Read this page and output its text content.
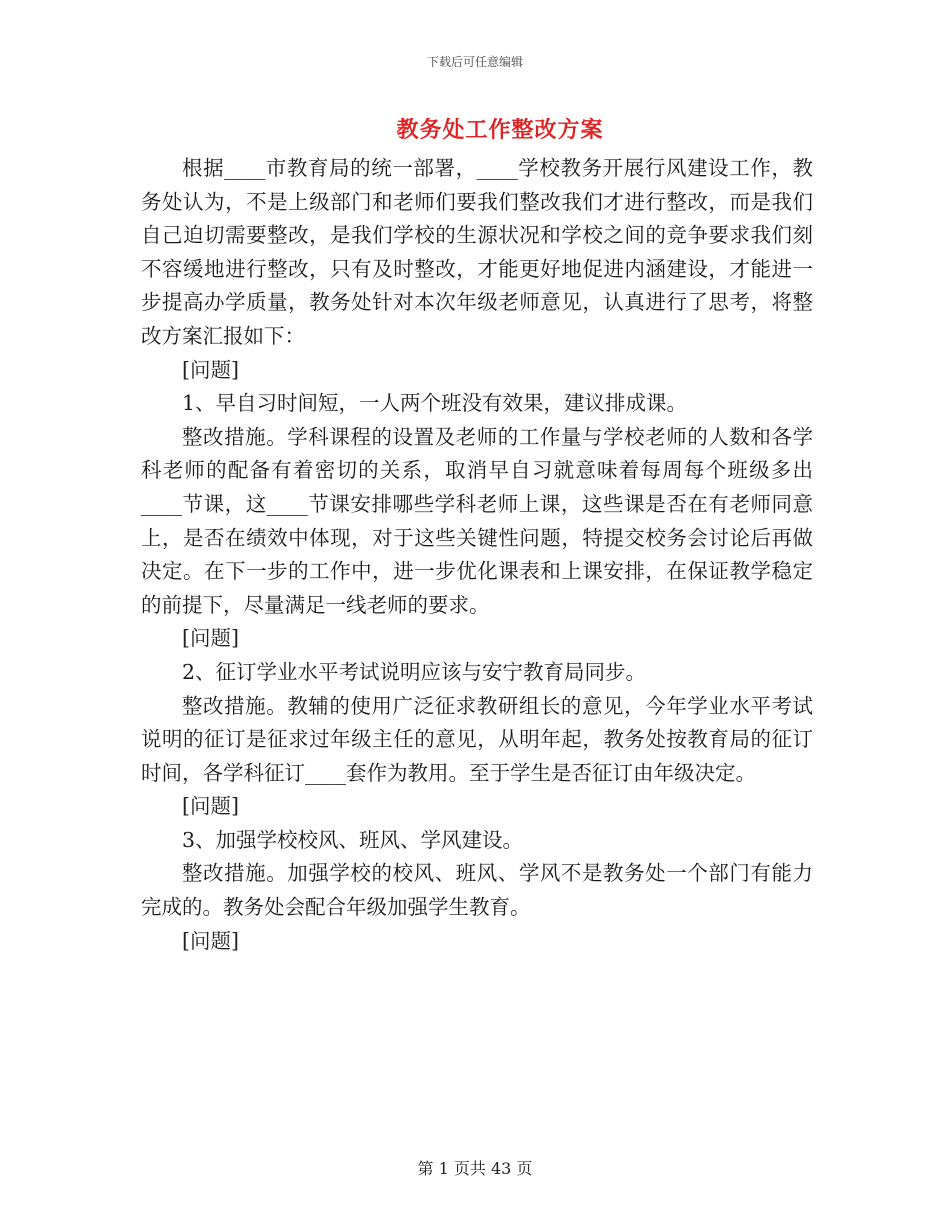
下载后可任意编辑
教务处工作整改方案

根据____市教育局的统一部署，____学校教务开展行风建设工作，教务处认为，不是上级部门和老师们要我们整改我们才进行整改，而是我们自己迫切需要整改，是我们学校的生源状况和学校之间的竞争要求我们刻不容缓地进行整改，只有及时整改，才能更好地促进内涵建设，才能进一步提高办学质量，教务处针对本次年级老师意见，认真进行了思考，将整改方案汇报如下：

[问题]

1、早自习时间短，一人两个班没有效果，建议排成课。

整改措施。学科课程的设置及老师的工作量与学校老师的人数和各学科老师的配备有着密切的关系，取消早自习就意味着每周每个班级多出____节课，这____节课安排哪些学科老师上课，这些课是否在有老师同意上，是否在绩效中体现，对于这些关键性问题，特提交校务会讨论后再做决定。在下一步的工作中，进一步优化课表和上课安排，在保证教学稳定的前提下，尽量满足一线老师的要求。

[问题]

2、征订学业水平考试说明应该与安宁教育局同步。

整改措施。教辅的使用广泛征求教研组长的意见，今年学业水平考试说明的征订是征求过年级主任的意见，从明年起，教务处按教育局的征订时间，各学科征订____套作为教用。至于学生是否征订由年级决定。

[问题]

3、加强学校校风、班风、学风建设。

整改措施。加强学校的校风、班风、学风不是教务处一个部门有能力完成的。教务处会配合年级加强学生教育。

[问题]

第 1 页共 43 页
